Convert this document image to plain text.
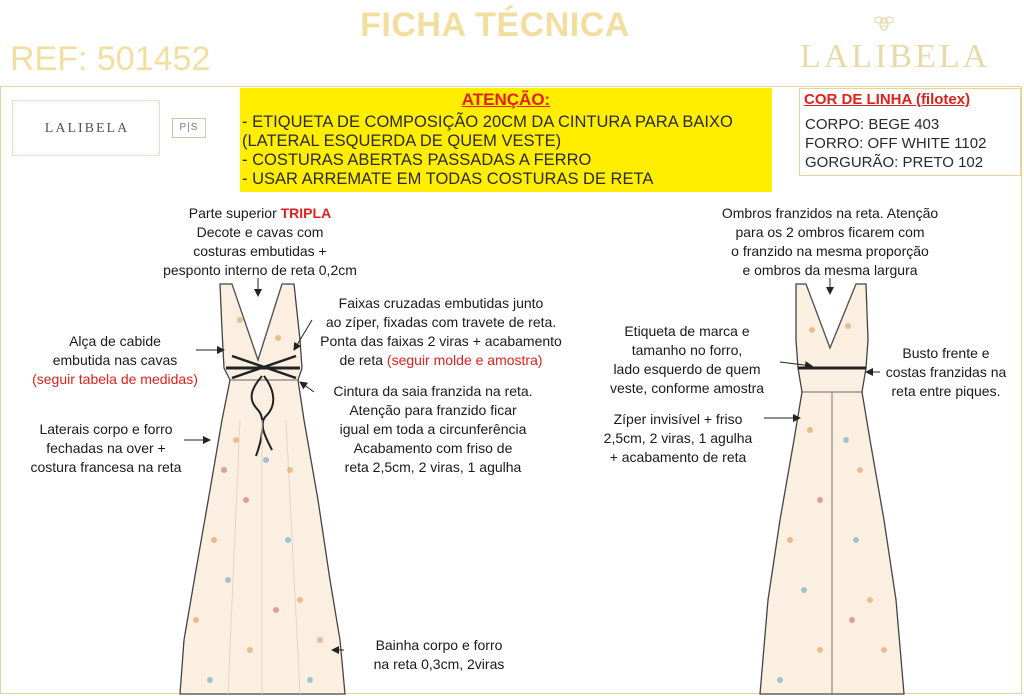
FICHA TÉCNICA
REF: 501452	LALIBELA
LALIBELA	P|S
ATENÇÃO:
- ETIQUETA DE COMPOSIÇÃO 20CM DA CINTURA PARA BAIXO
(LATERAL ESQUERDA DE QUEM VESTE)
- COSTURAS ABERTAS PASSADAS A FERRO
- USAR ARREMATE EM TODAS COSTURAS DE RETA
COR DE LINHA (filotex)
CORPO: BEGE 403
FORRO: OFF WHITE 1102
GORGURÃO: PRETO 102
Parte superior TRIPLA
Decote e cavas com
costuras embutidas +
pesponto interno de reta 0,2cm
Alça de cabide
embutida nas cavas
(seguir tabela de medidas)
Laterais corpo e forro
fechadas na over +
costura francesa na reta
Faixas cruzadas embutidas junto
ao zíper, fixadas com travete de reta.
Ponta das faixas 2 viras + acabamento
de reta (seguir molde e amostra)
Cintura da saia franzida na reta.
Atenção para franzido ficar
igual em toda a circunferência
Acabamento com friso de
reta 2,5cm, 2 viras, 1 agulha
Bainha corpo e forro
na reta 0,3cm, 2viras
Ombros franzidos na reta. Atenção
para os 2 ombros ficarem com
o franzido na mesma proporção
e ombros da mesma largura
Etiqueta de marca e
tamanho no forro,
lado esquerdo de quem
veste, conforme amostra
Busto frente e
costas franzidas na
reta entre piques.
Zíper invisível + friso
2,5cm, 2 viras, 1 agulha
+ acabamento de reta
